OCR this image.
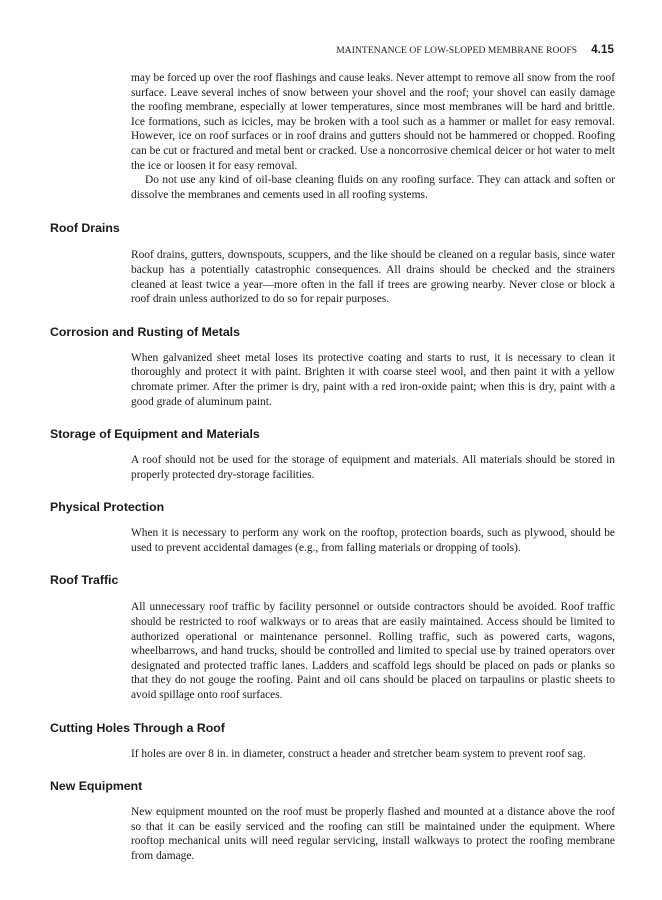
MAINTENANCE OF LOW-SLOPED MEMBRANE ROOFS 4.15

may be forced up over the roof flashings and cause leaks. Never attempt to remove all snow from the roof surface. Leave several inches of snow between your shovel and the roof; your shovel can easily damage the roofing membrane, especially at lower temperatures, since most membranes will be hard and brittle. Ice formations, such as icicles, may be broken with a tool such as a hammer or mallet for easy removal. However, ice on roof surfaces or in roof drains and gutters should not be hammered or chopped. Roofing can be cut or fractured and metal bent or cracked. Use a noncorrosive chemical deicer or hot water to melt the ice or loosen it for easy removal.

Do not use any kind of oil-base cleaning fluids on any roofing surface. They can attack and soften or dissolve the membranes and cements used in all roofing systems.

Roof Drains

Roof drains, gutters, downspouts, scuppers, and the like should be cleaned on a regular basis, since water backup has a potentially catastrophic consequences. All drains should be checked and the strainers cleaned at least twice a year—more often in the fall if trees are growing nearby. Never close or block a roof drain unless authorized to do so for repair purposes.

Corrosion and Rusting of Metals

When galvanized sheet metal loses its protective coating and starts to rust, it is necessary to clean it thoroughly and protect it with paint. Brighten it with coarse steel wool, and then paint it with a yellow chromate primer. After the primer is dry, paint with a red iron-oxide paint; when this is dry, paint with a good grade of aluminum paint.

Storage of Equipment and Materials

A roof should not be used for the storage of equipment and materials. All materials should be stored in properly protected dry-storage facilities.

Physical Protection

When it is necessary to perform any work on the rooftop, protection boards, such as plywood, should be used to prevent accidental damages (e.g., from falling materials or dropping of tools).

Roof Traffic

All unnecessary roof traffic by facility personnel or outside contractors should be avoided. Roof traffic should be restricted to roof walkways or to areas that are easily maintained. Access should be limited to authorized operational or maintenance personnel. Rolling traffic, such as powered carts, wagons, wheelbarrows, and hand trucks, should be controlled and limited to special use by trained operators over designated and protected traffic lanes. Ladders and scaffold legs should be placed on pads or planks so that they do not gouge the roofing. Paint and oil cans should be placed on tarpaulins or plastic sheets to avoid spillage onto roof surfaces.

Cutting Holes Through a Roof

If holes are over 8 in. in diameter, construct a header and stretcher beam system to prevent roof sag.

New Equipment

New equipment mounted on the roof must be properly flashed and mounted at a distance above the roof so that it can be easily serviced and the roofing can still be maintained under the equipment. Where rooftop mechanical units will need regular servicing, install walkways to protect the roofing membrane from damage.
